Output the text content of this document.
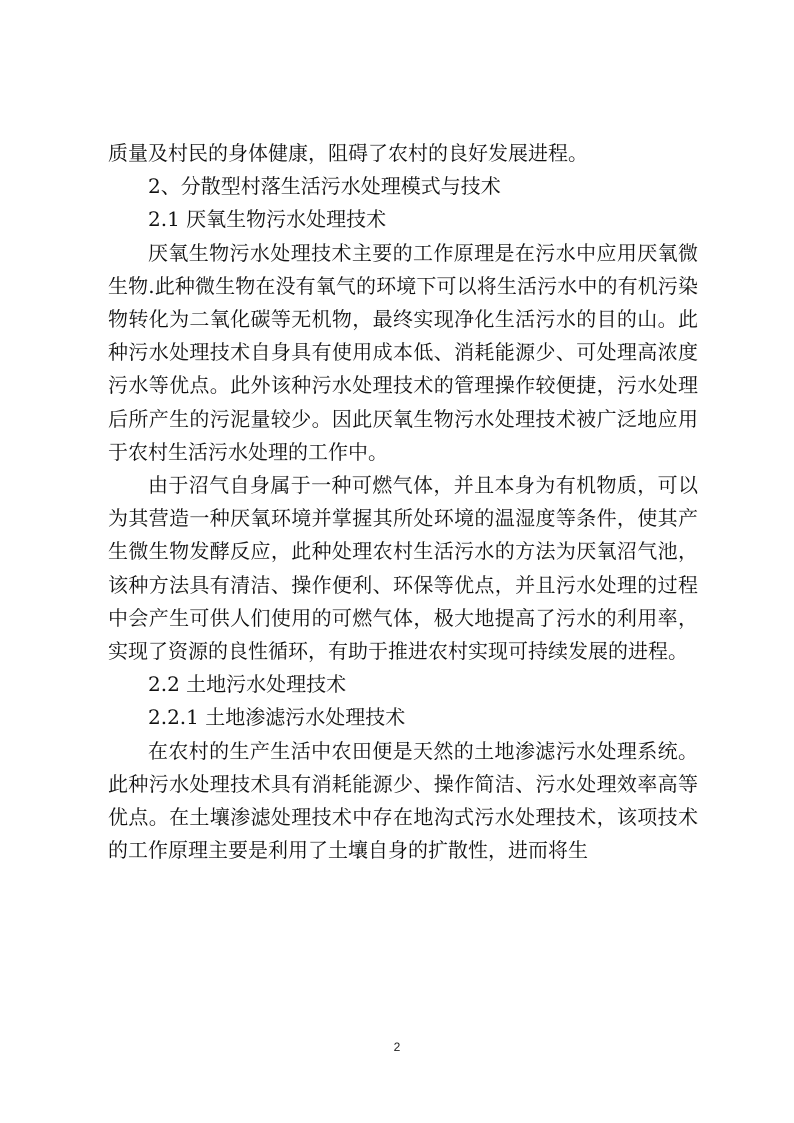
质量及村民的身体健康，阻碍了农村的良好发展进程。

2、分散型村落生活污水处理模式与技术
2.1 厌氧生物污水处理技术

厌氧生物污水处理技术主要的工作原理是在污水中应用厌氧微生物.此种微生物在没有氧气的环境下可以将生活污水中的有机污染物转化为二氧化碳等无机物，最终实现净化生活污水的目的山。此种污水处理技术自身具有使用成本低、消耗能源少、可处理高浓度污水等优点。此外该种污水处理技术的管理操作较便捷，污水处理后所产生的污泥量较少。因此厌氧生物污水处理技术被广泛地应用于农村生活污水处理的工作中。

由于沼气自身属于一种可燃气体，并且本身为有机物质，可以为其营造一种厌氧环境并掌握其所处环境的温湿度等条件，使其产生微生物发酵反应，此种处理农村生活污水的方法为厌氧沼气池，该种方法具有清洁、操作便利、环保等优点，并且污水处理的过程中会产生可供人们使用的可燃气体，极大地提高了污水的利用率，实现了资源的良性循环，有助于推进农村实现可持续发展的进程。

2.2 土地污水处理技术
2.2.1 土地渗滤污水处理技术

在农村的生产生活中农田便是天然的土地渗滤污水处理系统。此种污水处理技术具有消耗能源少、操作简洁、污水处理效率高等优点。在土壤渗滤处理技术中存在地沟式污水处理技术，该项技术的工作原理主要是利用了土壤自身的扩散性，进而将生

2
